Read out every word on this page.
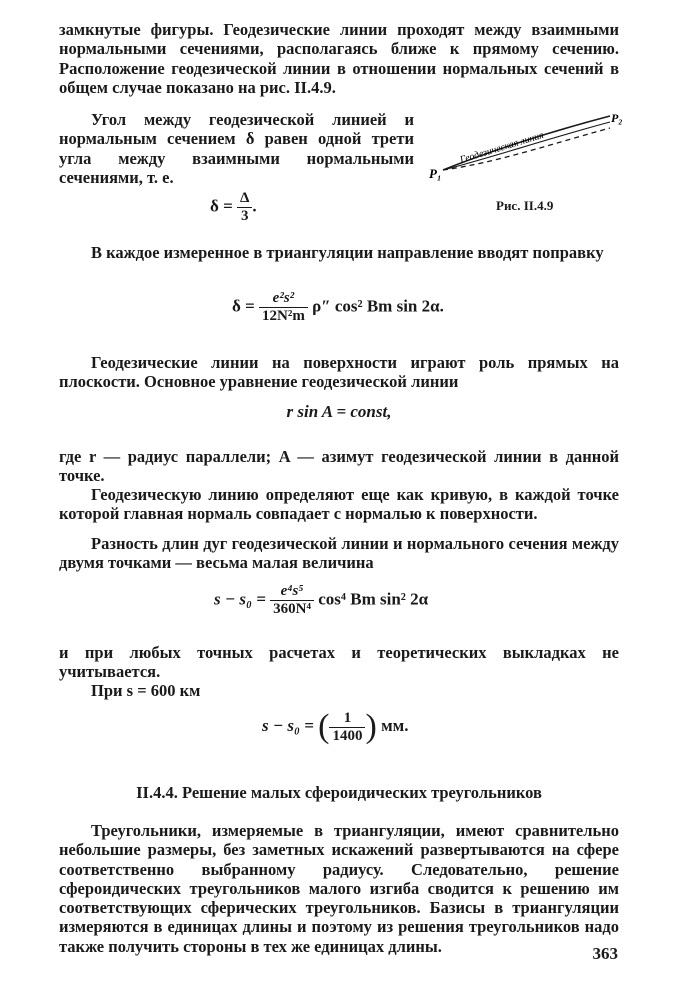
замкнутые фигуры. Геодезические линии проходят между взаимными нормальными сечениями, располагаясь ближе к прямому сечению. Расположение геодезической линии в отношении нормальных сечений в общем случае показано на рис. II.4.9.
Угол между геодезической линией и нормальным сечением δ равен одной трети угла между взаимными нормальными сечениями, т. е.
Геодезическая линия
P₁
P₂
Рис. II.4.9
$\delta = \frac{\Delta}{3}$ .
В каждое измеренное в триангуляции направление вводят поправку
$\delta = \frac{\text{e²s²}}{\text{12N²m}} \rho''$ cos² Bm sin 2α.
Геодезические линии на поверхности играют роль прямых на плоскости. Основное уравнение геодезической линии
r sin A = const,
где r — радиус параллели; A — азимут геодезической линии в данной точке.
Геодезическую линию определяют еще как кривую, в каждой точке которой главная нормаль совпадает с нормалью к поверхности.
Разность длин дуг геодезической линии и нормального сечения между двумя точками — весьма малая величина
$s - s_0 = \frac{\text{e⁴s⁵}}{\text{360N⁴}} \cos^4$ Bm sin² 2α
и при любых точных расчетах и теоретических выкладках не учитывается.
При s = 600 км
s − s₀ = ( $\frac{1}{1400}$ ) мм.
II.4.4. Решение малых сфероидических треугольников
Треугольники, измеряемые в триангуляции, имеют сравнительно небольшие размеры, без заметных искажений развертываются на сфере соответственно выбранному радиусу. Следовательно, решение сфероидических треугольников малого изгиба сводится к решению им соответствующих сферических треугольников. Базисы в триангуляции измеряются в единицах длины и поэтому из решения треугольников надо также получить стороны в тех же единицах длины.	363
